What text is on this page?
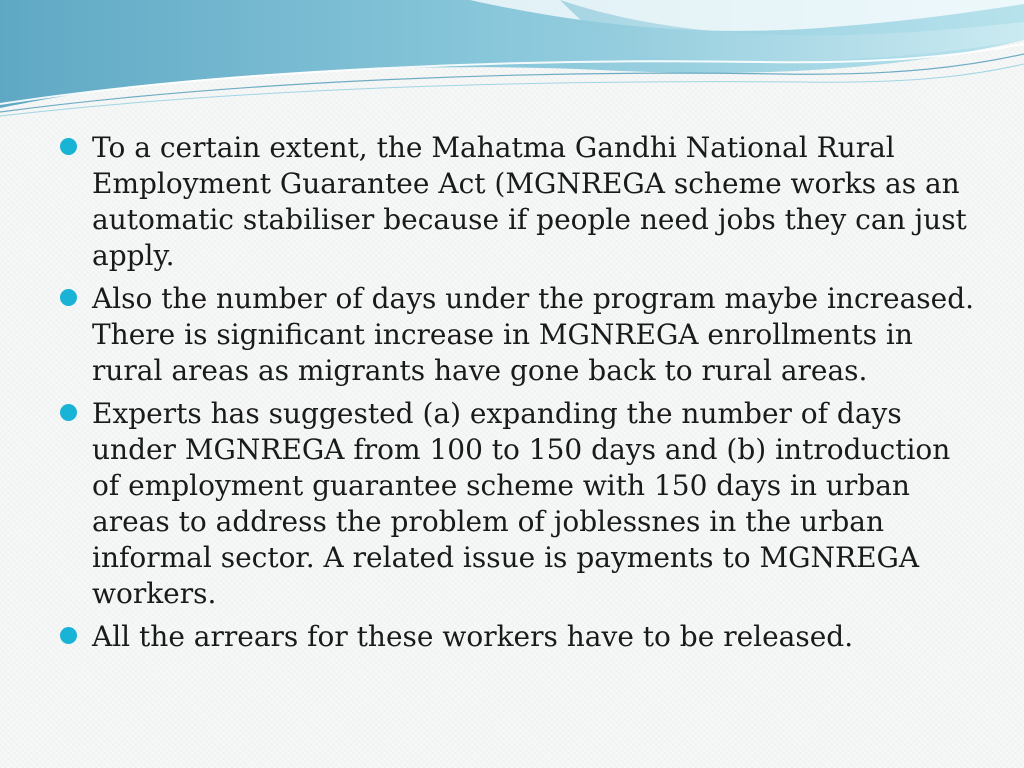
To a certain extent, the Mahatma Gandhi National Rural Employment Guarantee Act (MGNREGA scheme works as an automatic stabiliser because if people need jobs they can just apply.
Also the number of days under the program maybe increased. There is significant increase in MGNREGA enrollments in rural areas as migrants have gone back to rural areas.
Experts has suggested (a) expanding the number of days under MGNREGA from 100 to 150 days and (b) introduction of employment guarantee scheme with 150 days in urban areas to address the problem of joblessnes in the urban informal sector. A related issue is payments to MGNREGA workers.
All the arrears for these workers have to be released.
